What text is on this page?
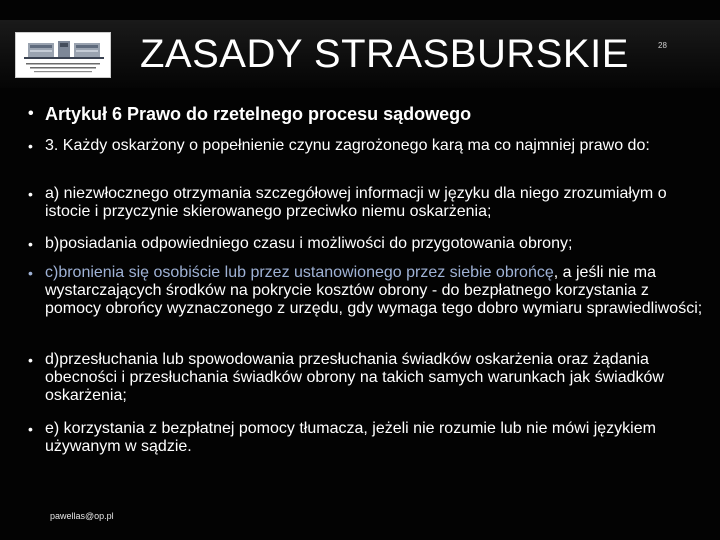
ZASADY STRASBURSKIE	28
• Artykuł 6 Prawo do rzetelnego procesu sądowego
• 3. Każdy oskarżony o popełnienie czynu zagrożonego karą ma co najmniej prawo do:
• a) niezwłocznego otrzymania szczegółowej informacji w języku dla niego zrozumiałym o istocie i przyczynie skierowanego przeciwko niemu oskarżenia;
• b)posiadania odpowiedniego czasu i możliwości do przygotowania obrony;
• c)bronienia się osobiście lub przez ustanowionego przez siebie obrońcę, a jeśli nie ma wystarczających środków na pokrycie kosztów obrony - do bezpłatnego korzystania z pomocy obrońcy wyznaczonego z urzędu, gdy wymaga tego dobro wymiaru sprawiedliwości;
• d)przesłuchania lub spowodowania przesłuchania świadków oskarżenia oraz żądania obecności i przesłuchania świadków obrony na takich samych warunkach jak świadków oskarżenia;
• e) korzystania z bezpłatnej pomocy tłumacza, jeżeli nie rozumie lub nie mówi językiem używanym w sądzie.
pawellas@op.pl
